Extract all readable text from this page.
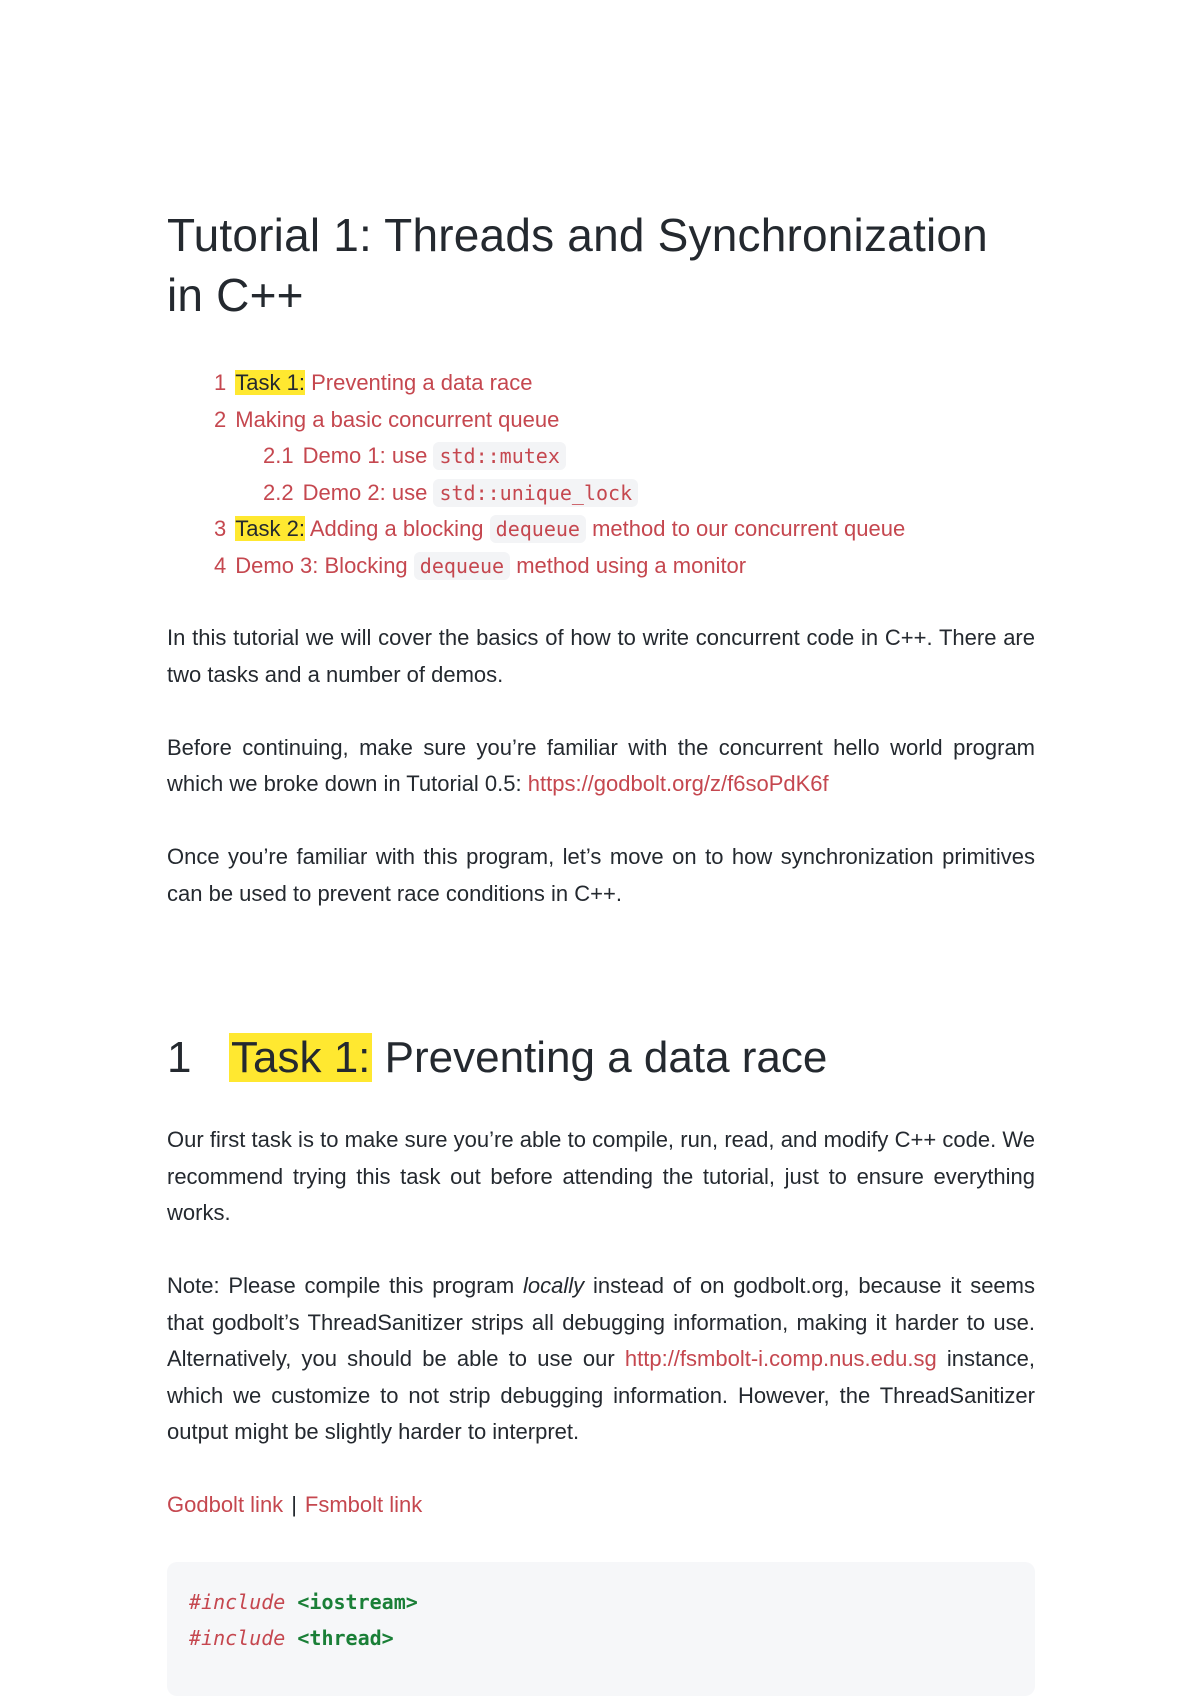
Tutorial 1: Threads and Synchronization in C++
1 Task 1: Preventing a data race
2 Making a basic concurrent queue
2.1 Demo 1: use std::mutex
2.2 Demo 2: use std::unique_lock
3 Task 2: Adding a blocking dequeue method to our concurrent queue
4 Demo 3: Blocking dequeue method using a monitor

In this tutorial we will cover the basics of how to write concurrent code in C++. There are two tasks and a number of demos.

Before continuing, make sure you’re familiar with the concurrent hello world program which we broke down in Tutorial 0.5: https://godbolt.org/z/f6soPdK6f

Once you’re familiar with this program, let’s move on to how synchronization primitives can be used to prevent race conditions in C++.

1 Task 1: Preventing a data race

Our first task is to make sure you’re able to compile, run, read, and modify C++ code. We recommend trying this task out before attending the tutorial, just to ensure everything works.

Note: Please compile this program locally instead of on godbolt.org, because it seems that godbolt’s ThreadSanitizer strips all debugging information, making it harder to use. Alternatively, you should be able to use our http://fsmbolt-i.comp.nus.edu.sg instance, which we customize to not strip debugging information. However, the ThreadSanitizer output might be slightly harder to interpret.

Godbolt link | Fsmbolt link
#include <iostream>
#include <thread>
